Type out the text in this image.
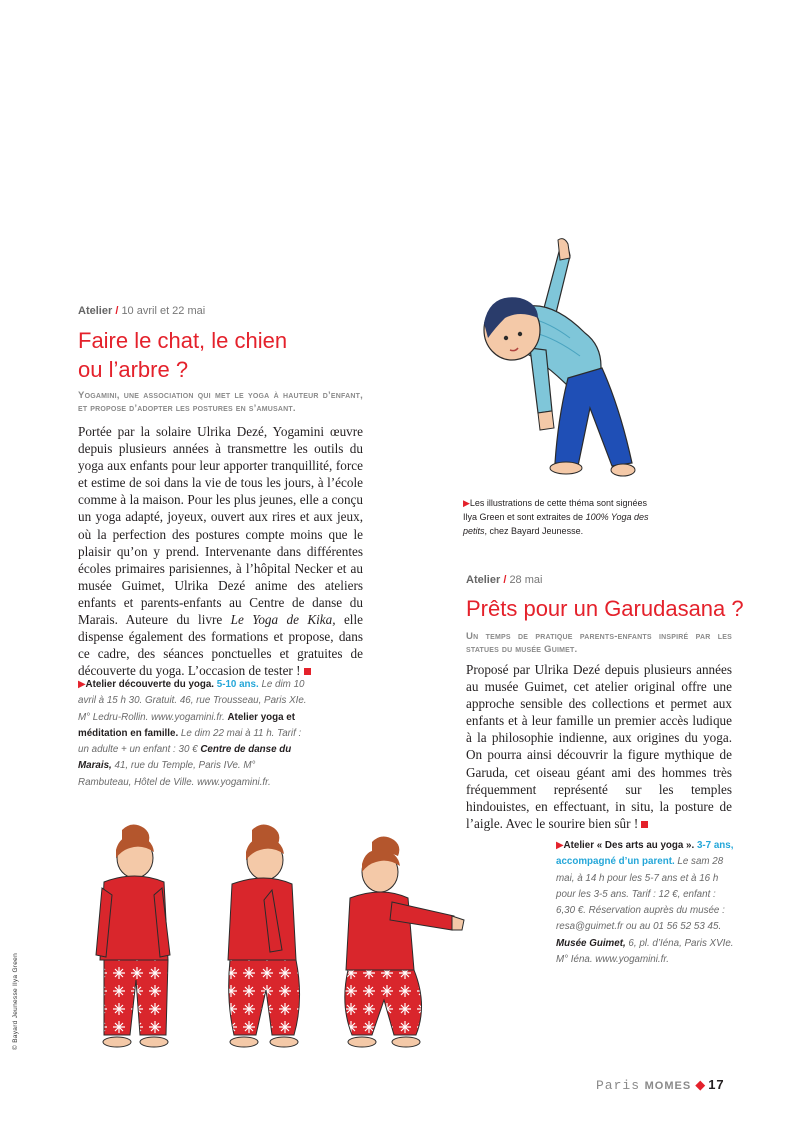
Atelier / 10 avril et 22 mai
Faire le chat, le chien
ou l’arbre ?
Yogamini, une association qui met le yoga à hauteur d’enfant, et propose d’adopter les postures en s’amusant.
Portée par la solaire Ulrika Dezé, Yogamini œuvre depuis plusieurs années à transmettre les outils du yoga aux enfants pour leur apporter tranquillité, force et estime de soi dans la vie de tous les jours, à l’école comme à la maison. Pour les plus jeunes, elle a conçu un yoga adapté, joyeux, ouvert aux rires et aux jeux, où la perfection des postures compte moins que le plaisir qu’on y prend. Intervenante dans différentes écoles primaires parisiennes, à l’hôpital Necker et au musée Guimet, Ulrika Dezé anime des ateliers enfants et parents-enfants au Centre de danse du Marais. Auteure du livre Le Yoga de Kika, elle dispense également des formations et propose, dans ce cadre, des séances ponctuelles et gratuites de découverte du yoga. L’occasion de tester !
▶Atelier découverte du yoga. 5-10 ans. Le dim 10 avril à 15 h 30. Gratuit. 46, rue Trousseau, Paris XIe. M° Ledru-Rollin. www.yogamini.fr. Atelier yoga et méditation en famille. Le dim 22 mai à 11 h. Tarif : un adulte + un enfant : 30 € Centre de danse du Marais, 41, rue du Temple, Paris IVe. M° Rambuteau, Hôtel de Ville. www.yogamini.fr.
▶Les illustrations de cette théma sont signées Ilya Green et sont extraites de 100% Yoga des petits, chez Bayard Jeunesse.
Atelier / 28 mai
Prêts pour un Garudasana ?
Un temps de pratique parents-enfants inspiré par les statues du musée Guimet.
Proposé par Ulrika Dezé depuis plusieurs années au musée Guimet, cet atelier original offre une approche sensible des collections et permet aux enfants et à leur famille un premier accès ludique à la philosophie indienne, aux origines du yoga. On pourra ainsi découvrir la figure mythique de Garuda, cet oiseau géant ami des hommes très fréquemment représenté sur les temples hindouistes, en effectuant, in situ, la posture de l’aigle. Avec le sourire bien sûr !
▶Atelier « Des arts au yoga ». 3-7 ans, accompagné d’un parent. Le sam 28 mai, à 14 h pour les 5-7 ans et à 16 h pour les 3-5 ans. Tarif : 12 €, enfant : 6,30 €. Réservation auprès du musée : resa@guimet.fr ou au 01 56 52 53 45. Musée Guimet, 6, pl. d’Iéna, Paris XVIe. M° Iéna. www.yogamini.fr.
© Bayard Jeunesse Ilya Green
Paris MOMES ◆ 17
